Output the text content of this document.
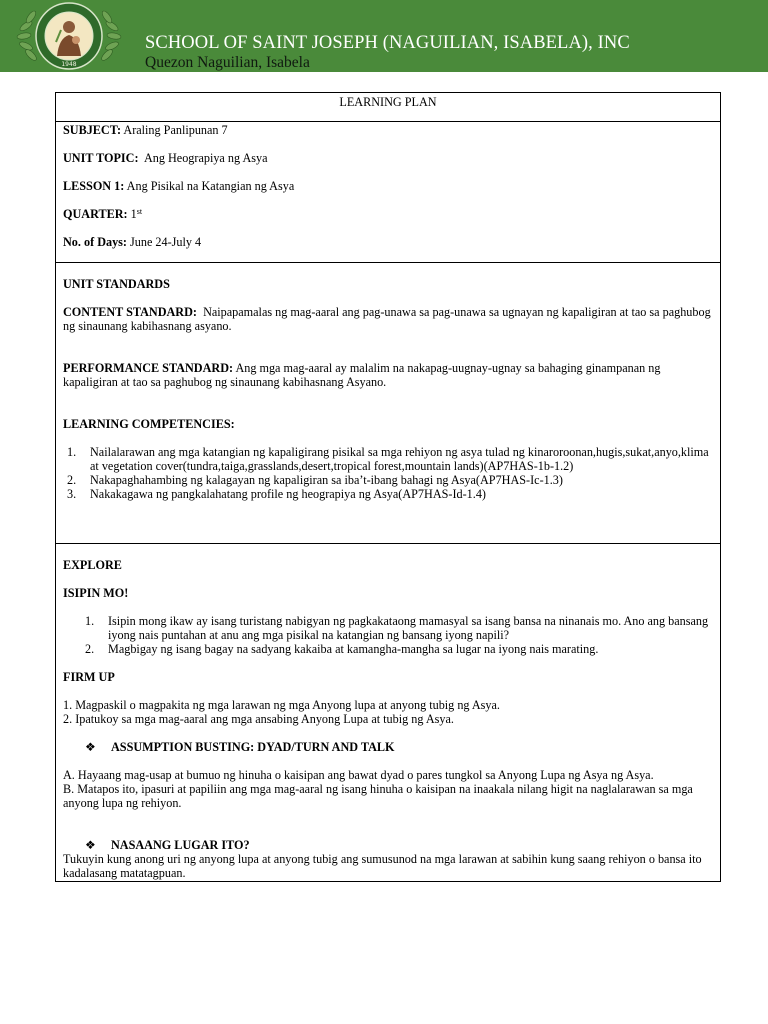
1948
SCHOOL OF SAINT JOSEPH (NAGUILIAN, ISABELA), INC
Quezon Naguilian, Isabela
LEARNING PLAN

SUBJECT: Araling Panlipunan 7

UNIT TOPIC: Ang Heograpiya ng Asya

LESSON 1: Ang Pisikal na Katangian ng Asya

QUARTER: 1st

No. of Days: June 24-July 4

UNIT STANDARDS

CONTENT STANDARD: Naipapamalas ng mag-aaral ang pag-unawa sa pag-unawa sa ugnayan ng kapaligiran at tao sa paghubog ng sinaunang kabihasnang asyano.

PERFORMANCE STANDARD: Ang mga mag-aaral ay malalim na nakapag-uugnay-ugnay sa bahaging ginampanan ng kapaligiran at tao sa paghubog ng sinaunang kabihasnang Asyano.

LEARNING COMPETENCIES:

1. Nailalarawan ang mga katangian ng kapaligirang pisikal sa mga rehiyon ng asya tulad ng kinaroroonan,hugis,sukat,anyo,klima at vegetation cover(tundra,taiga,grasslands,desert,tropical forest,mountain lands)(AP7HAS-1b-1.2)
2. Nakapaghahambing ng kalagayan ng kapaligiran sa iba’t-ibang bahagi ng Asya(AP7HAS-Ic-1.3)
3. Nakakagawa ng pangkalahatang profile ng heograpiya ng Asya(AP7HAS-Id-1.4)

EXPLORE

ISIPIN MO!

1. Isipin mong ikaw ay isang turistang nabigyan ng pagkakataong mamasyal sa isang bansa na ninanais mo. Ano ang bansang iyong nais puntahan at anu ang mga pisikal na katangian ng bansang iyong napili?
2. Magbigay ng isang bagay na sadyang kakaiba at kamangha-mangha sa lugar na iyong nais marating.

FIRM UP

1. Magpaskil o magpakita ng mga larawan ng mga Anyong lupa at anyong tubig ng Asya.

2. Ipatukoy sa mga mag-aaral ang mga ansabing Anyong Lupa at tubig ng Asya.

❖ ASSUMPTION BUSTING: DYAD/TURN AND TALK

A. Hayaang mag-usap at bumuo ng hinuha o kaisipan ang bawat dyad o pares tungkol sa Anyong Lupa ng Asya ng Asya.

B. Matapos ito, ipasuri at papiliin ang mga mag-aaral ng isang hinuha o kaisipan na inaakala nilang higit na naglalarawan sa mga anyong lupa ng rehiyon.

❖ NASAANG LUGAR ITO?

Tukuyin kung anong uri ng anyong lupa at anyong tubig ang sumusunod na mga larawan at sabihin kung saang rehiyon o bansa ito kadalasang matatagpuan.
